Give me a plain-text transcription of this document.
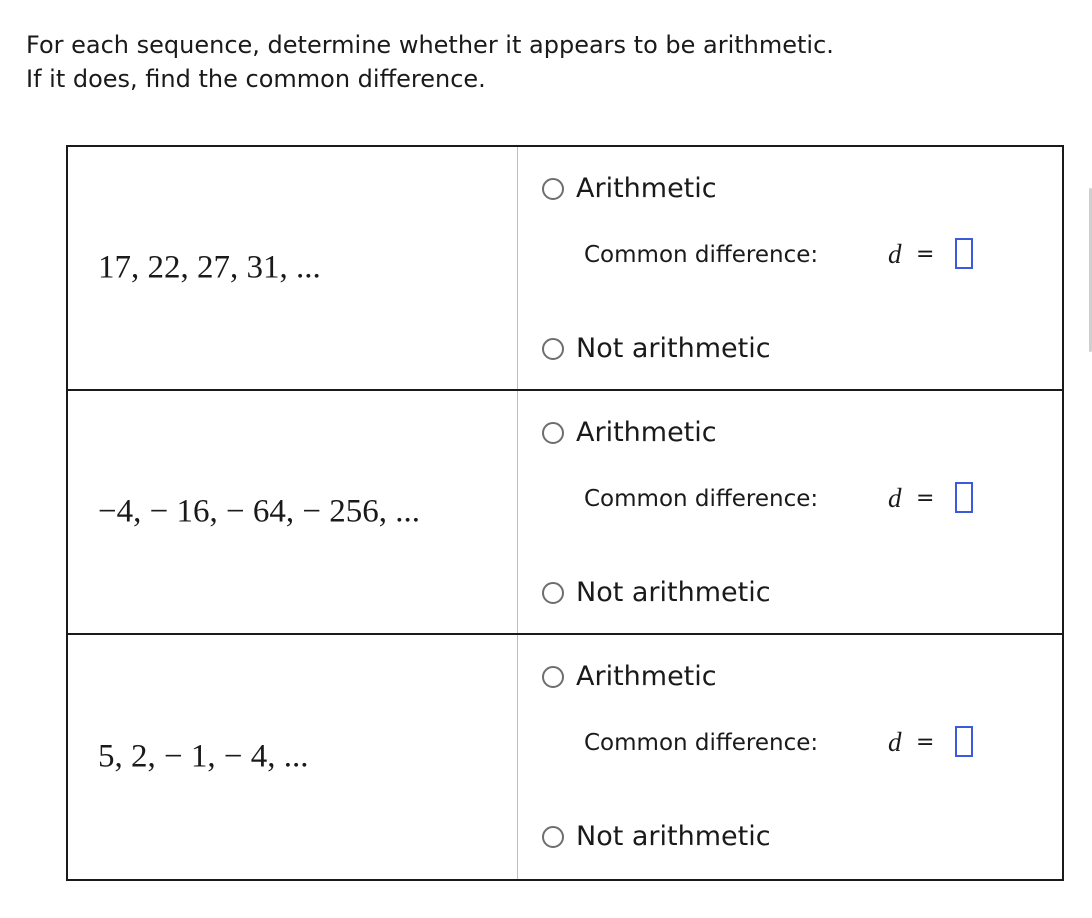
For each sequence, determine whether it appears to be arithmetic.
If it does, find the common difference.
17, 22, 27, 31, ...
Arithmetic
Common difference:	d =
Not arithmetic
−4, − 16, − 64, − 256, ...
Arithmetic
Common difference:	d =
Not arithmetic
5, 2, − 1, − 4, ...
Arithmetic
Common difference:	d =
Not arithmetic
